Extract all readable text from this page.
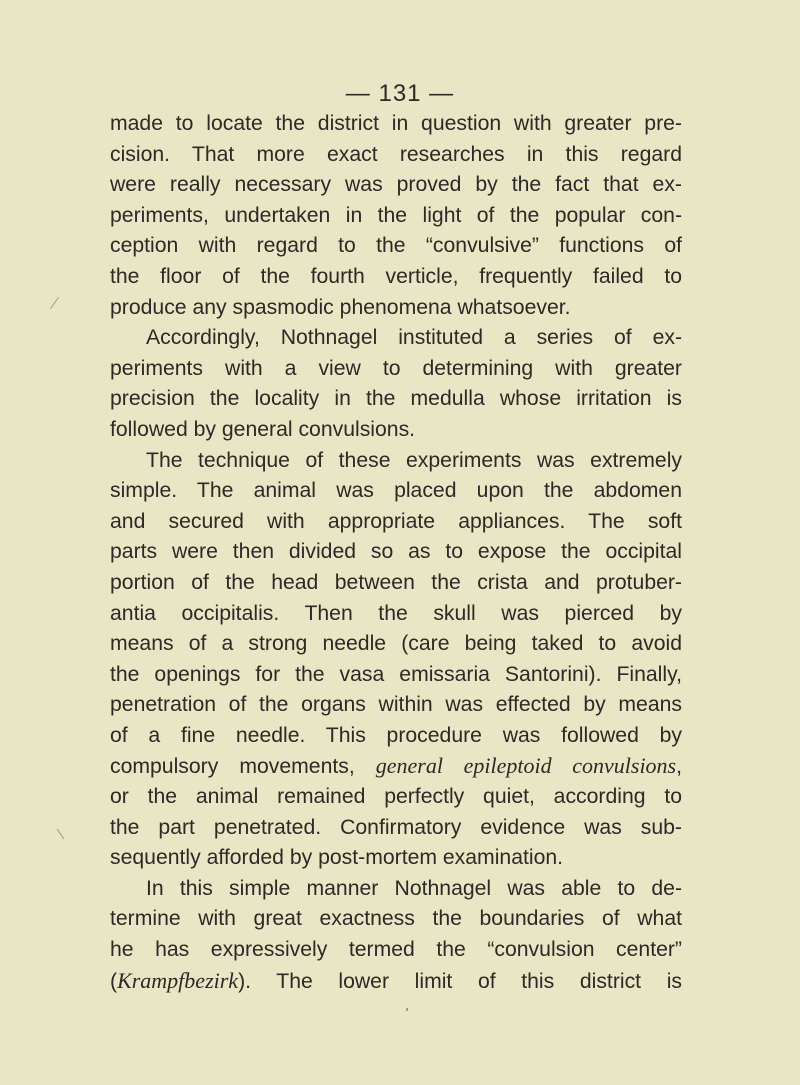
— 131 —
made to locate the district in question with greater pre-
cision. That more exact researches in this regard
were really necessary was proved by the fact that ex-
periments, undertaken in the light of the popular con-
ception with regard to the “convulsive” functions of
the floor of the fourth verticle, frequently failed to
produce any spasmodic phenomena whatsoever.
Accordingly, Nothnagel instituted a series of ex-
periments with a view to determining with greater
precision the locality in the medulla whose irritation is
followed by general convulsions.
The technique of these experiments was extremely
simple. The animal was placed upon the abdomen
and secured with appropriate appliances. The soft
parts were then divided so as to expose the occipital
portion of the head between the crista and protuber-
antia occipitalis. Then the skull was pierced by
means of a strong needle (care being taked to avoid
the openings for the vasa emissaria Santorini). Finally,
penetration of the organs within was effected by means
of a fine needle. This procedure was followed by
compulsory movements, general epileptoid convulsions,
or the animal remained perfectly quiet, according to
the part penetrated. Confirmatory evidence was sub-
sequently afforded by post-mortem examination.
In this simple manner Nothnagel was able to de-
termine with great exactness the boundaries of what
he has expressively termed the “convulsion center”
(Krampfbezirk). The lower limit of this district is
